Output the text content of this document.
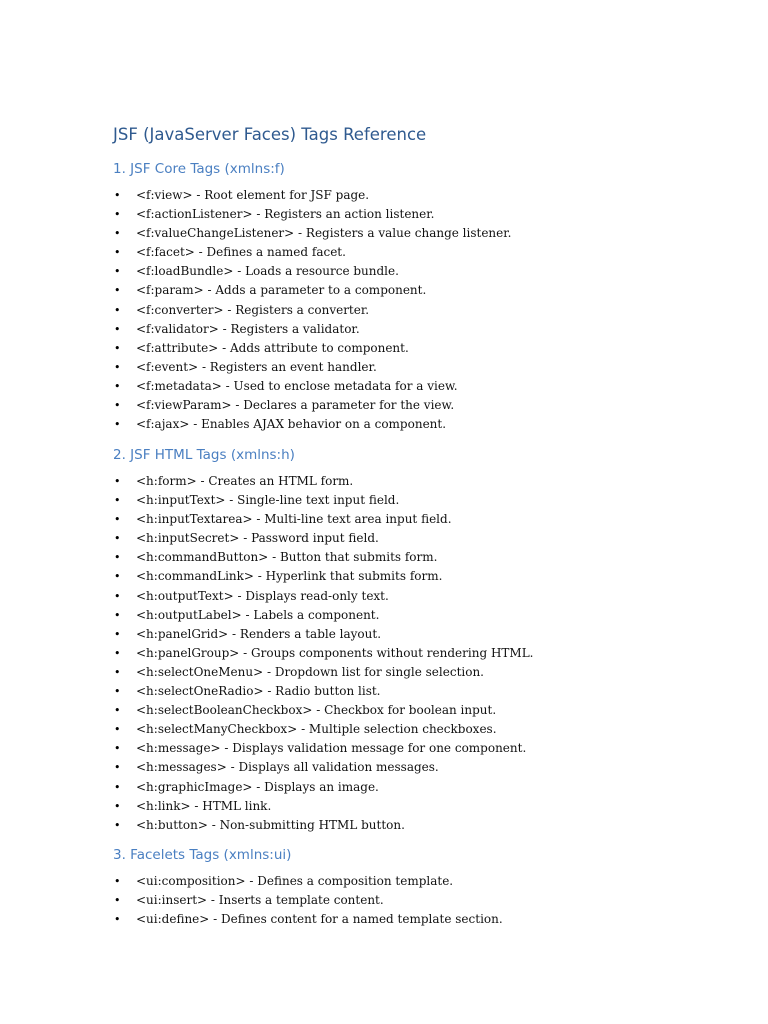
JSF (JavaServer Faces) Tags Reference
1. JSF Core Tags (xmlns:f)
• <f:view> - Root element for JSF page.
• <f:actionListener> - Registers an action listener.
• <f:valueChangeListener> - Registers a value change listener.
• <f:facet> - Defines a named facet.
• <f:loadBundle> - Loads a resource bundle.
• <f:param> - Adds a parameter to a component.
• <f:converter> - Registers a converter.
• <f:validator> - Registers a validator.
• <f:attribute> - Adds attribute to component.
• <f:event> - Registers an event handler.
• <f:metadata> - Used to enclose metadata for a view.
• <f:viewParam> - Declares a parameter for the view.
• <f:ajax> - Enables AJAX behavior on a component.
2. JSF HTML Tags (xmlns:h)
• <h:form> - Creates an HTML form.
• <h:inputText> - Single-line text input field.
• <h:inputTextarea> - Multi-line text area input field.
• <h:inputSecret> - Password input field.
• <h:commandButton> - Button that submits form.
• <h:commandLink> - Hyperlink that submits form.
• <h:outputText> - Displays read-only text.
• <h:outputLabel> - Labels a component.
• <h:panelGrid> - Renders a table layout.
• <h:panelGroup> - Groups components without rendering HTML.
• <h:selectOneMenu> - Dropdown list for single selection.
• <h:selectOneRadio> - Radio button list.
• <h:selectBooleanCheckbox> - Checkbox for boolean input.
• <h:selectManyCheckbox> - Multiple selection checkboxes.
• <h:message> - Displays validation message for one component.
• <h:messages> - Displays all validation messages.
• <h:graphicImage> - Displays an image.
• <h:link> - HTML link.
• <h:button> - Non-submitting HTML button.
3. Facelets Tags (xmlns:ui)
• <ui:composition> - Defines a composition template.
• <ui:insert> - Inserts a template content.
• <ui:define> - Defines content for a named template section.
